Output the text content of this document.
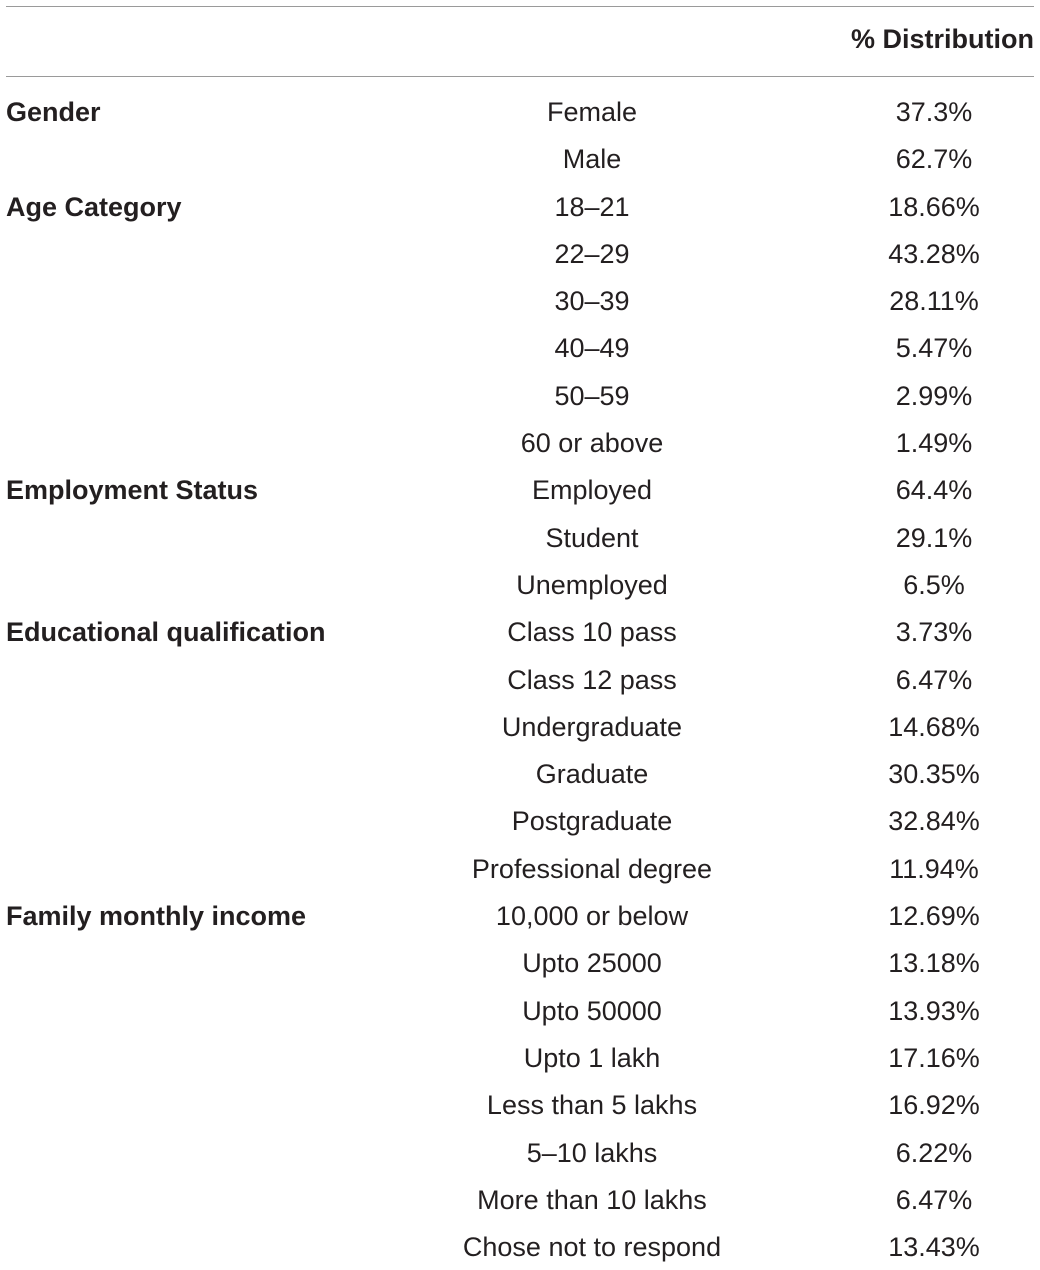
% Distribution
Gender	Female	37.3%
Male	62.7%
Age Category	18–21	18.66%
22–29	43.28%
30–39	28.11%
40–49	5.47%
50–59	2.99%
60 or above	1.49%
Employment Status	Employed	64.4%
Student	29.1%
Unemployed	6.5%
Educational qualification	Class 10 pass	3.73%
Class 12 pass	6.47%
Undergraduate	14.68%
Graduate	30.35%
Postgraduate	32.84%
Professional degree	11.94%
Family monthly income	10,000 or below	12.69%
Upto 25000	13.18%
Upto 50000	13.93%
Upto 1 lakh	17.16%
Less than 5 lakhs	16.92%
5–10 lakhs	6.22%
More than 10 lakhs	6.47%
Chose not to respond	13.43%
